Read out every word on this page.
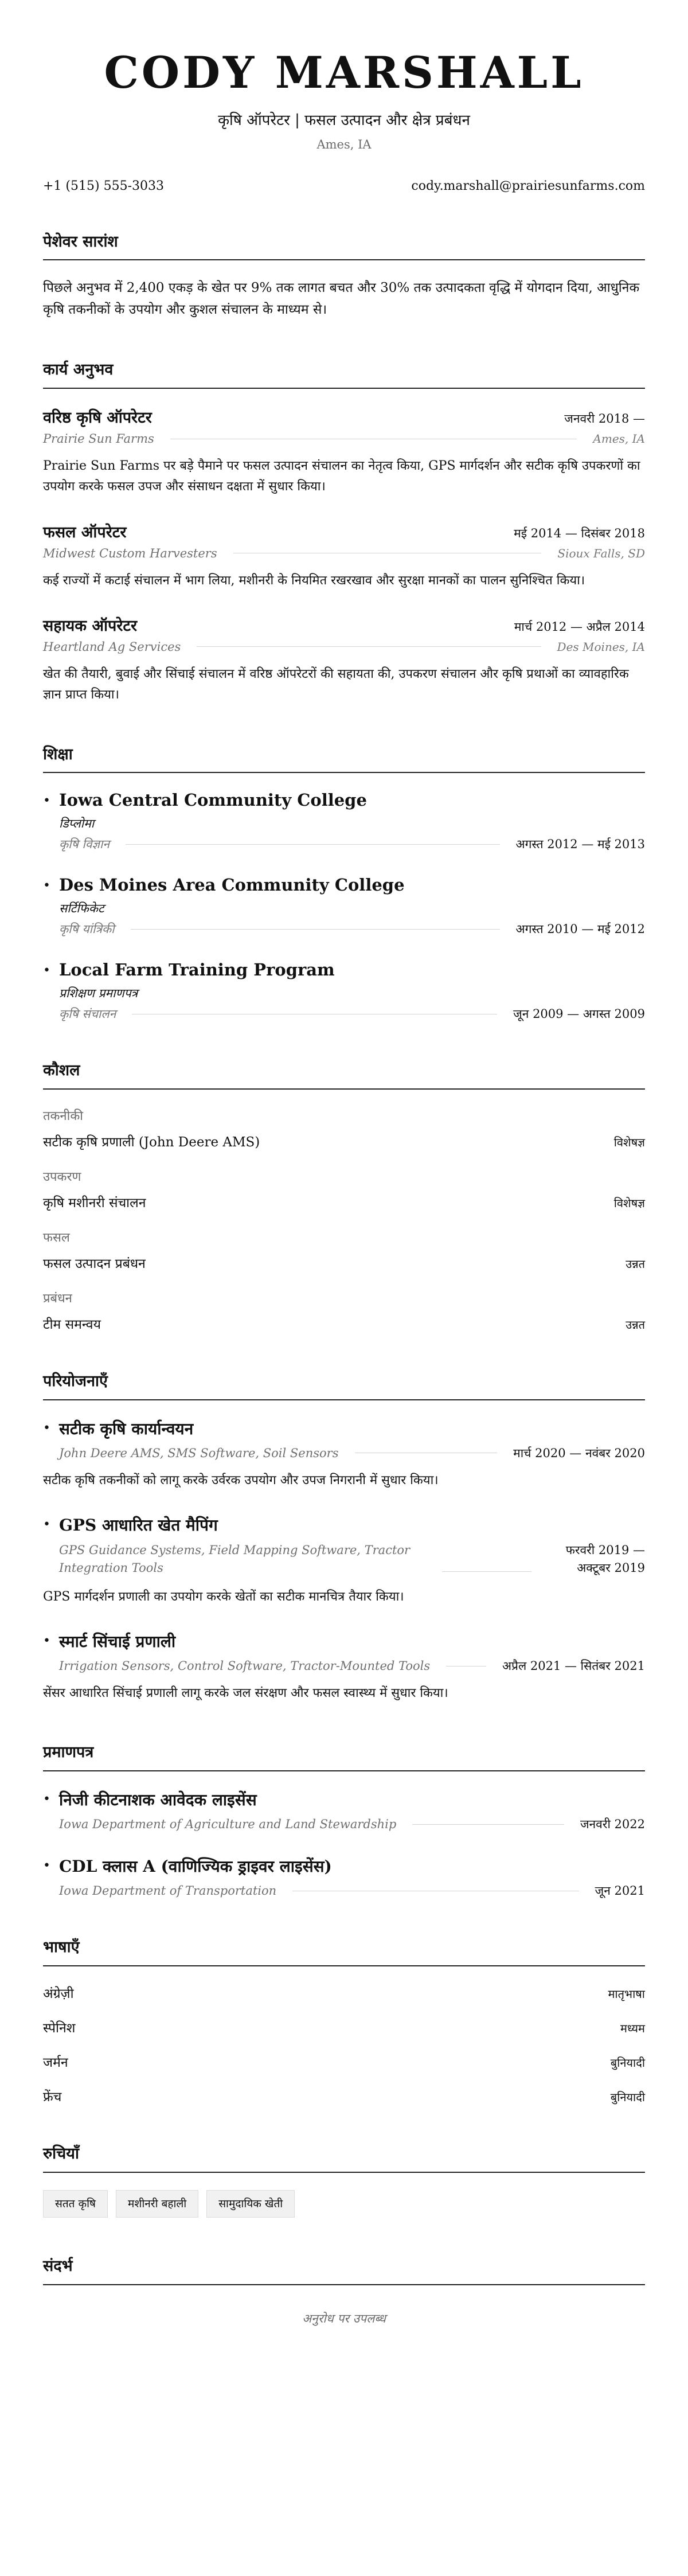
CODY MARSHALL
कृषि ऑपरेटर | फसल उत्पादन और क्षेत्र प्रबंधन
Ames, IA
+1 (515) 555-3033	cody.marshall@prairiesunfarms.com
पेशेवर सारांश

पिछले अनुभव में 2,400 एकड़ के खेत पर 9% तक लागत बचत और 30% तक उत्पादकता वृद्धि में योगदान दिया, आधुनिक कृषि तकनीकों के उपयोग और कुशल संचालन के माध्यम से।

कार्य अनुभव
वरिष्ठ कृषि ऑपरेटर	जनवरी 2018 —
Prairie Sun Farms	Ames, IA

Prairie Sun Farms पर बड़े पैमाने पर फसल उत्पादन संचालन का नेतृत्व किया, GPS मार्गदर्शन और सटीक कृषि उपकरणों का उपयोग करके फसल उपज और संसाधन दक्षता में सुधार किया।

फसल ऑपरेटर	मई 2014 — दिसंबर 2018
Midwest Custom Harvesters	Sioux Falls, SD

कई राज्यों में कटाई संचालन में भाग लिया, मशीनरी के नियमित रखरखाव और सुरक्षा मानकों का पालन सुनिश्चित किया।

सहायक ऑपरेटर	मार्च 2012 — अप्रैल 2014
Heartland Ag Services	Des Moines, IA

खेत की तैयारी, बुवाई और सिंचाई संचालन में वरिष्ठ ऑपरेटरों की सहायता की, उपकरण संचालन और कृषि प्रथाओं का व्यावहारिक ज्ञान प्राप्त किया।

शिक्षा
• Iowa Central Community College
डिप्लोमा
कृषि विज्ञान	अगस्त 2012 — मई 2013
• Des Moines Area Community College
सर्टिफिकेट
कृषि यांत्रिकी	अगस्त 2010 — मई 2012
• Local Farm Training Program
प्रशिक्षण प्रमाणपत्र
कृषि संचालन	जून 2009 — अगस्त 2009
कौशल
तकनीकी
सटीक कृषि प्रणाली (John Deere AMS)	विशेषज्ञ
उपकरण
कृषि मशीनरी संचालन	विशेषज्ञ
फसल
फसल उत्पादन प्रबंधन	उन्नत
प्रबंधन
टीम समन्वय	उन्नत
परियोजनाएँ
• सटीक कृषि कार्यान्वयन
John Deere AMS, SMS Software, Soil Sensors	मार्च 2020 — नवंबर 2020

सटीक कृषि तकनीकों को लागू करके उर्वरक उपयोग और उपज निगरानी में सुधार किया।

• GPS आधारित खेत मैपिंग
GPS Guidance Systems, Field Mapping Software, Tractor Integration Tools
फरवरी 2019 — अक्टूबर 2019

GPS मार्गदर्शन प्रणाली का उपयोग करके खेतों का सटीक मानचित्र तैयार किया।

• स्मार्ट सिंचाई प्रणाली
Irrigation Sensors, Control Software, Tractor-Mounted Tools	अप्रैल 2021 — सितंबर 2021

सेंसर आधारित सिंचाई प्रणाली लागू करके जल संरक्षण और फसल स्वास्थ्य में सुधार किया।

प्रमाणपत्र
• निजी कीटनाशक आवेदक लाइसेंस
Iowa Department of Agriculture and Land Stewardship	जनवरी 2022
• CDL क्लास A (वाणिज्यिक ड्राइवर लाइसेंस)
Iowa Department of Transportation	जून 2021
भाषाएँ
अंग्रेज़ी	मातृभाषा
स्पेनिश	मध्यम
जर्मन	बुनियादी
फ्रेंच	बुनियादी
रुचियाँ
सतत कृषि	मशीनरी बहाली	सामुदायिक खेती
संदर्भ

अनुरोध पर उपलब्ध
